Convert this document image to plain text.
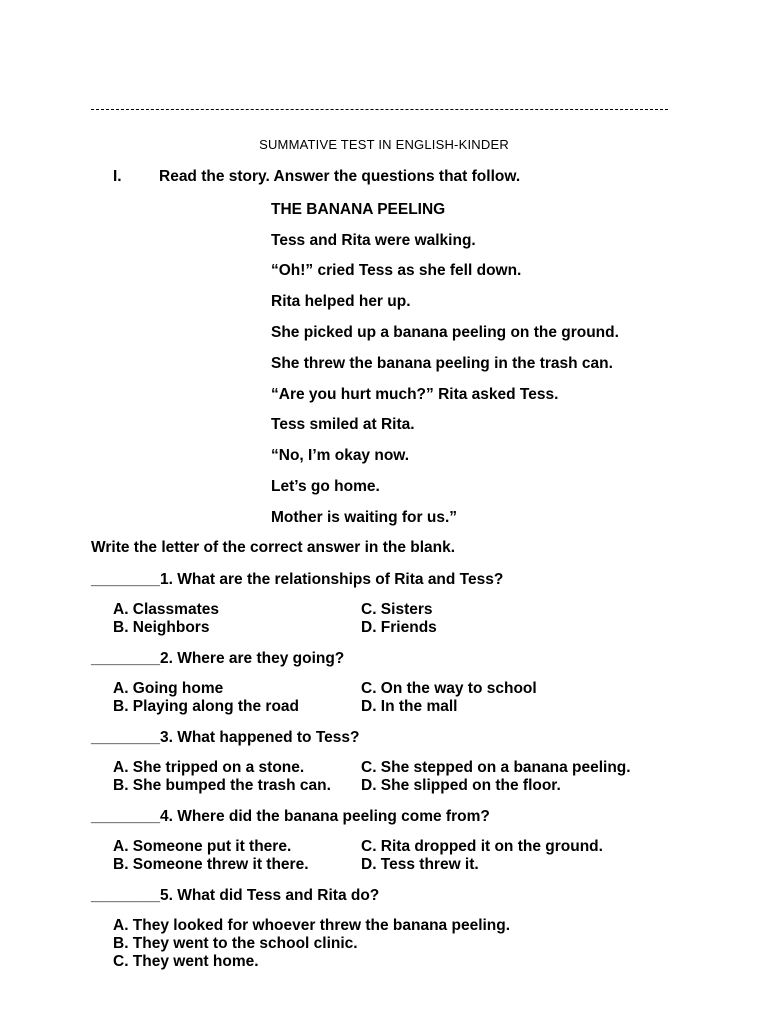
SUMMATIVE TEST IN ENGLISH-KINDER
I. Read the story. Answer the questions that follow.
THE BANANA PEELING
Tess and Rita were walking.
“Oh!” cried Tess as she fell down.
Rita helped her up.
She picked up a banana peeling on the ground.
She threw the banana peeling in the trash can.
“Are you hurt much?” Rita asked Tess.
Tess smiled at Rita.
“No, I’m okay now.
Let’s go home.
Mother is waiting for us.”
Write the letter of the correct answer in the blank.
________1. What are the relationships of Rita and Tess?
A. Classmates	C. Sisters
B. Neighbors	D. Friends
________2. Where are they going?
A. Going home	C. On the way to school
B. Playing along the road	D. In the mall
________3. What happened to Tess?
A. She tripped on a stone.	C. She stepped on a banana peeling.
B. She bumped the trash can. D. She slipped on the floor.
________4. Where did the banana peeling come from?
A. Someone put it there.	C. Rita dropped it on the ground.
B. Someone threw it there.	D. Tess threw it.
________5. What did Tess and Rita do?
A. They looked for whoever threw the banana peeling.
B. They went to the school clinic.
C. They went home.
